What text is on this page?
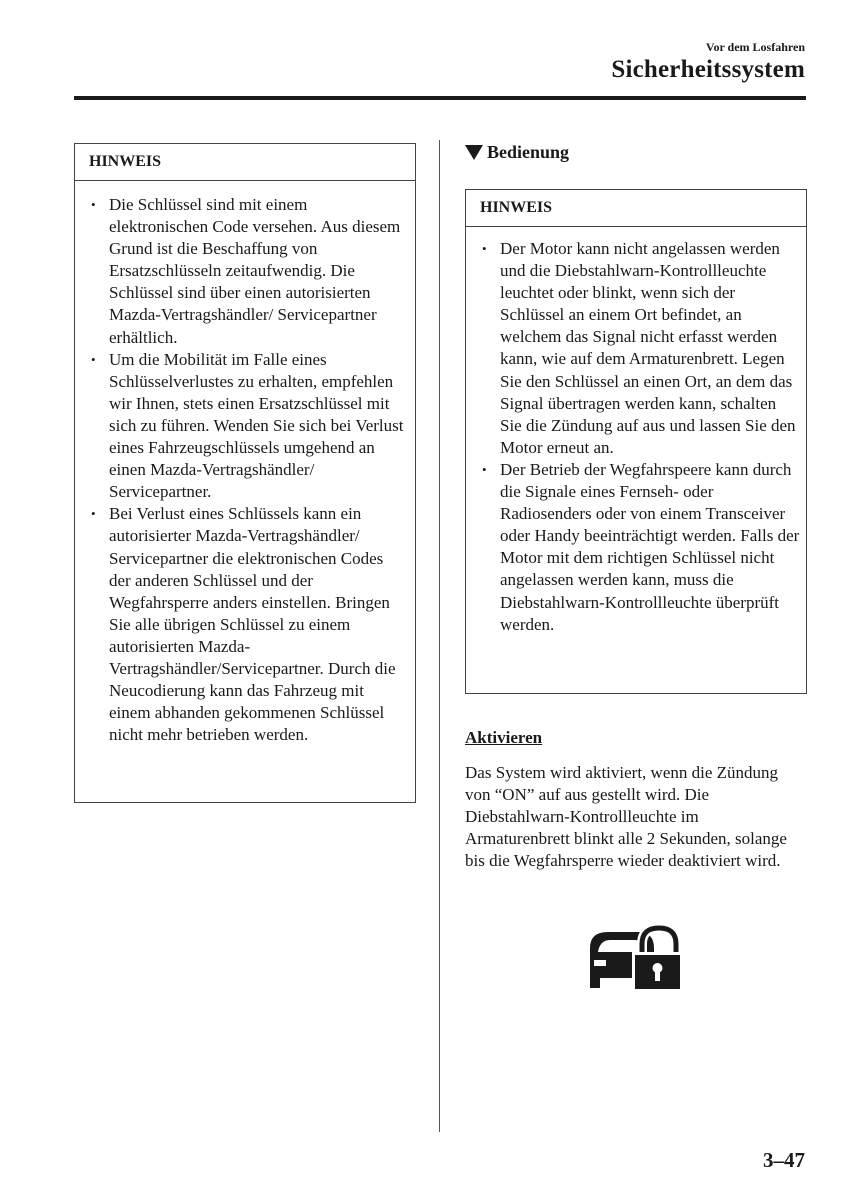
Vor dem Losfahren
Sicherheitssystem
HINWEIS
• Die Schlüssel sind mit einem elektronischen Code versehen. Aus diesem Grund ist die Beschaffung von Ersatzschlüsseln zeitaufwendig. Die Schlüssel sind über einen autorisierten Mazda-Vertragshändler/ Servicepartner erhältlich.
• Um die Mobilität im Falle eines Schlüsselverlustes zu erhalten, empfehlen wir Ihnen, stets einen Ersatzschlüssel mit sich zu führen. Wenden Sie sich bei Verlust eines Fahrzeugschlüssels umgehend an einen Mazda-Vertragshändler/ Servicepartner.
• Bei Verlust eines Schlüssels kann ein autorisierter Mazda-Vertragshändler/ Servicepartner die elektronischen Codes der anderen Schlüssel und der Wegfahrsperre anders einstellen. Bringen Sie alle übrigen Schlüssel zu einem autorisierten Mazda-Vertragshändler/Servicepartner. Durch die Neucodierung kann das Fahrzeug mit einem abhanden gekommenen Schlüssel nicht mehr betrieben werden.
Bedienung
HINWEIS
• Der Motor kann nicht angelassen werden und die Diebstahlwarn-Kontrollleuchte leuchtet oder blinkt, wenn sich der Schlüssel an einem Ort befindet, an welchem das Signal nicht erfasst werden kann, wie auf dem Armaturenbrett. Legen Sie den Schlüssel an einen Ort, an dem das Signal übertragen werden kann, schalten Sie die Zündung auf aus und lassen Sie den Motor erneut an.
• Der Betrieb der Wegfahrspeere kann durch die Signale eines Fernseh- oder Radiosenders oder von einem Transceiver oder Handy beeinträchtigt werden. Falls der Motor mit dem richtigen Schlüssel nicht angelassen werden kann, muss die Diebstahlwarn-Kontrollleuchte überprüft werden.
Aktivieren
Das System wird aktiviert, wenn die Zündung von “ON” auf aus gestellt wird. Die Diebstahlwarn-Kontrollleuchte im Armaturenbrett blinkt alle 2 Sekunden, solange bis die Wegfahrsperre wieder deaktiviert wird.
3–47
